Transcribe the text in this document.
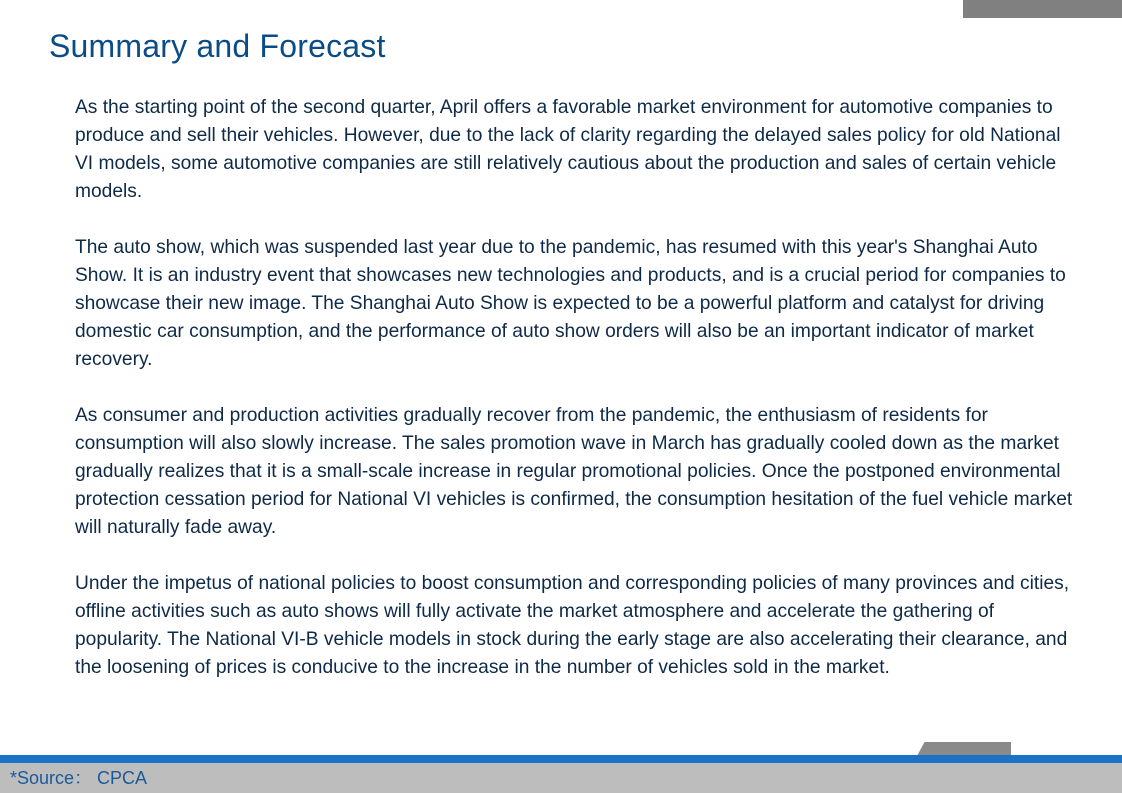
Summary and Forecast

As the starting point of the second quarter, April offers a favorable market environment for automotive companies to produce and sell their vehicles. However, due to the lack of clarity regarding the delayed sales policy for old National VI models, some automotive companies are still relatively cautious about the production and sales of certain vehicle models.

The auto show, which was suspended last year due to the pandemic, has resumed with this year's Shanghai Auto Show. It is an industry event that showcases new technologies and products, and is a crucial period for companies to showcase their new image. The Shanghai Auto Show is expected to be a powerful platform and catalyst for driving domestic car consumption, and the performance of auto show orders will also be an important indicator of market recovery.

As consumer and production activities gradually recover from the pandemic, the enthusiasm of residents for consumption will also slowly increase. The sales promotion wave in March has gradually cooled down as the market gradually realizes that it is a small-scale increase in regular promotional policies. Once the postponed environmental protection cessation period for National VI vehicles is confirmed, the consumption hesitation of the fuel vehicle market will naturally fade away.

Under the impetus of national policies to boost consumption and corresponding policies of many provinces and cities, offline activities such as auto shows will fully activate the market atmosphere and accelerate the gathering of popularity. The National VI-B vehicle models in stock during the early stage are also accelerating their clearance, and the loosening of prices is conducive to the increase in the number of vehicles sold in the market.

*Source： CPCA
